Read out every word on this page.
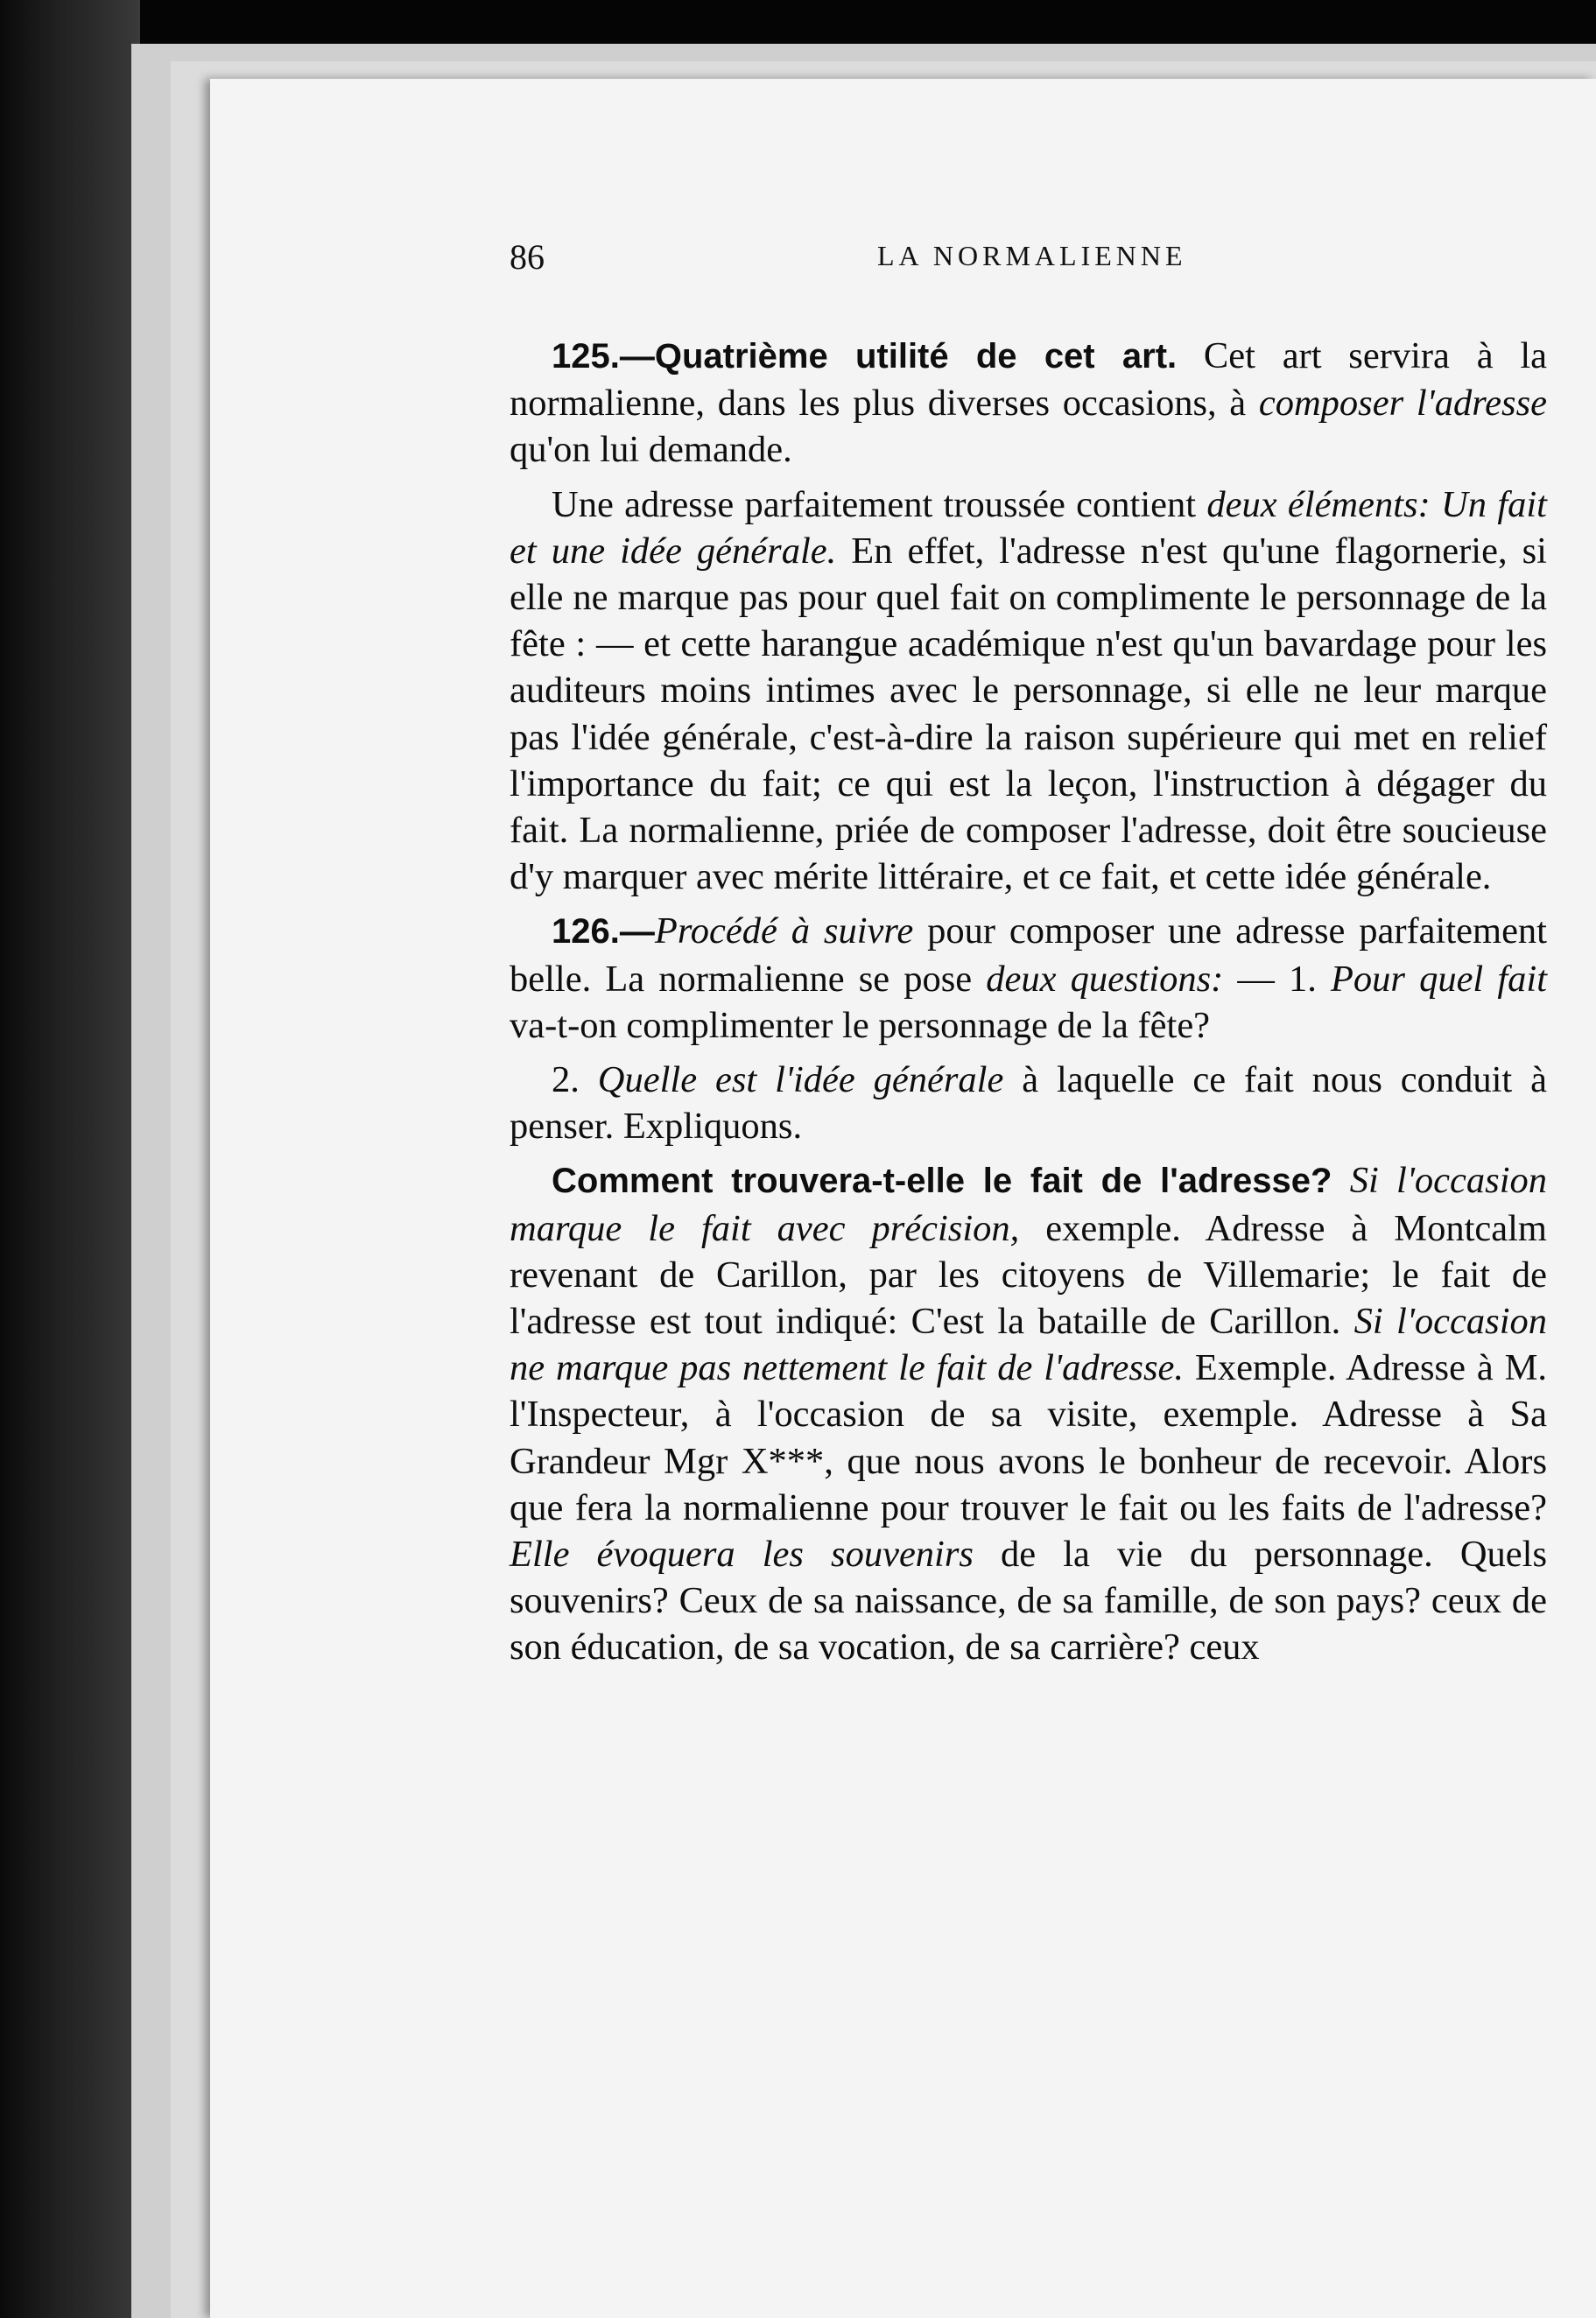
86	LA NORMALIENNE

125.—Quatrième utilité de cet art. Cet art servira à la normalienne, dans les plus diverses occasions, à composer l'adresse qu'on lui demande.

Une adresse parfaitement troussée contient deux éléments: Un fait et une idée générale. En effet, l'adresse n'est qu'une flagornerie, si elle ne marque pas pour quel fait on complimente le personnage de la fête : — et cette harangue académique n'est qu'un bavardage pour les auditeurs moins intimes avec le personnage, si elle ne leur marque pas l'idée générale, c'est-à-dire la raison supérieure qui met en relief l'importance du fait; ce qui est la leçon, l'instruction à dégager du fait. La normalienne, priée de composer l'adresse, doit être soucieuse d'y marquer avec mérite littéraire, et ce fait, et cette idée générale.

126.—Procédé à suivre pour composer une adresse parfaitement belle. La normalienne se pose deux questions: — 1. Pour quel fait va-t-on complimenter le personnage de la fête?

2. Quelle est l'idée générale à laquelle ce fait nous conduit à penser. Expliquons.

Comment trouvera-t-elle le fait de l'adresse? Si l'occasion marque le fait avec précision, exemple. Adresse à Montcalm revenant de Carillon, par les citoyens de Villemarie; le fait de l'adresse est tout indiqué: C'est la bataille de Carillon. Si l'occasion ne marque pas nettement le fait de l'adresse. Exemple. Adresse à M. l'Inspecteur, à l'occasion de sa visite, exemple. Adresse à Sa Grandeur Mgr X***, que nous avons le bonheur de recevoir. Alors que fera la normalienne pour trouver le fait ou les faits de l'adresse? Elle évoquera les souvenirs de la vie du personnage. Quels souvenirs? Ceux de sa naissance, de sa famille, de son pays? ceux de son éducation, de sa vocation, de sa carrière? ceux
